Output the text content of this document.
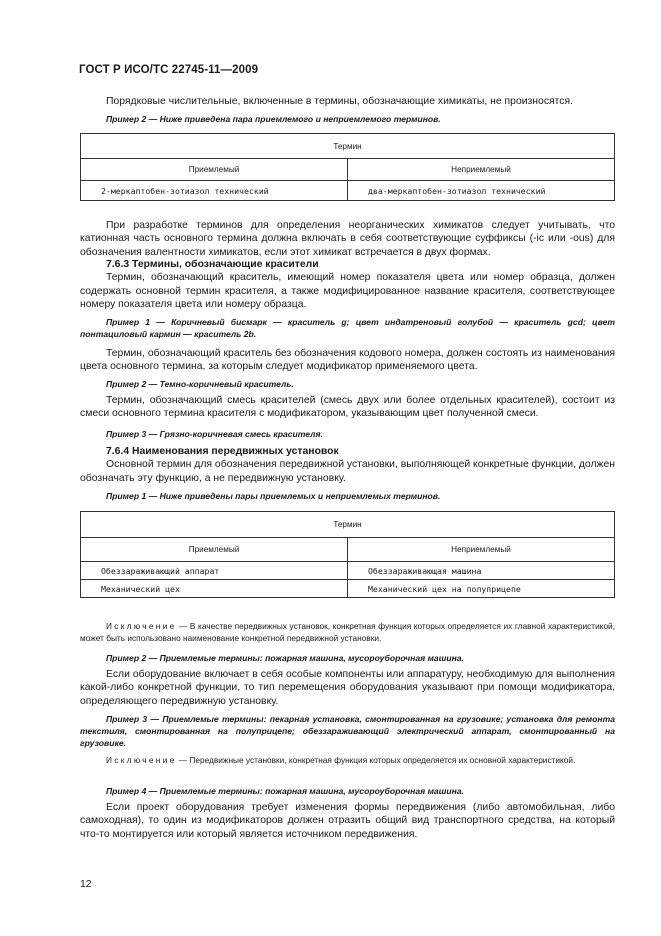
ГОСТ Р ИСО/ТС 22745-11—2009

Порядковые числительные, включенные в термины, обозначающие химикаты, не произносятся.

Пример 2 — Ниже приведена пара приемлемого и неприемлемого терминов.

Термин	
Приемлемый	Неприемлемый
2-меркаптобен-зотиазол технический	два-меркаптобен-зотиазол технический

При разработке терминов для определения неорганических химикатов следует учитывать, что катионная часть основного термина должна включать в себя соответствующие суффиксы (-ic или -ous) для обозначения валентности химикатов, если этот химикат встречается в двух формах.

7.6.3 Термины, обозначающие красители

Термин, обозначающий краситель, имеющий номер показателя цвета или номер образца, должен содержать основной термин красителя, а также модифицированное название красителя, соответствующее номеру показателя цвета или номеру образца.

Пример 1 — Коричневый бисмарк — краситель g; цвет индатреновый голубой — краситель gcd; цвет понтациловый кармин — краситель 2b.

Термин, обозначающий краситель без обозначения кодового номера, должен состоять из наименования цвета основного термина, за которым следует модификатор применяемого цвета.

Пример 2 — Темно-коричневый краситель.

Термин, обозначающий смесь красителей (смесь двух или более отдельных красителей), состоит из смеси основного термина красителя с модификатором, указывающим цвет полученной смеси.

Пример 3 — Грязно-коричневая смесь красителя.

7.6.4 Наименования передвижных установок

Основной термин для обозначения передвижной установки, выполняющей конкретные функции, должен обозначать эту функцию, а не передвижную установку.

Пример 1 — Ниже приведены пары приемлемых и неприемлемых терминов.

Термин	
Приемлемый	Неприемлемый
Обеззараживающий аппарат	Обеззараживающая машина
Механический цех	Механический цех на полуприцепе

Исключение — В качестве передвижных установок, конкретная функция которых определяется их главной характеристикой, может быть использовано наименование конкретной передвижной установки.

Пример 2 — Приемлемые термины: пожарная машина, мусороуборочная машина.

Если оборудование включает в себя особые компоненты или аппаратуру, необходимую для выполнения какой-либо конкретной функции, то тип перемещения оборудования указывают при помощи модификатора, определяющего передвижную установку.

Пример 3 — Приемлемые термины: пекарная установка, смонтированная на грузовике; установка для ремонта текстиля, смонтированная на полуприцепе; обеззараживающий электрический аппарат, смонтированный на грузовике.

Исключение — Передвижные установки, конкретная функция которых определяется их основной характеристикой.

Пример 4 — Приемлемые термины: пожарная машина, мусороуборочная машина.

Если проект оборудования требует изменения формы передвижения (либо автомобильная, либо самоходная), то один из модификаторов должен отразить общий вид транспортного средства, на который что-то монтируется или который является источником передвижения.

12
